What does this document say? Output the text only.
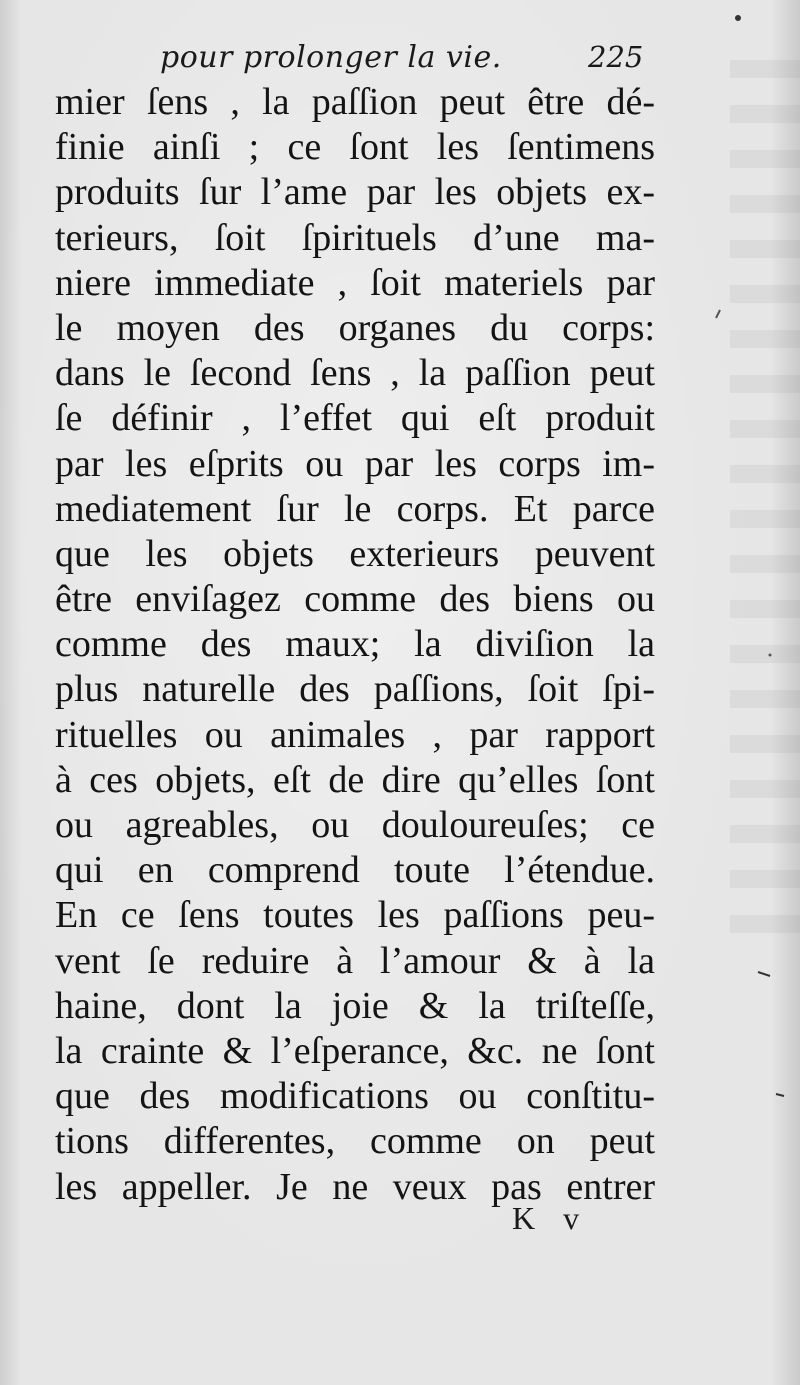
pour prolonger la vie.	225
mier ſens , la paſſion peut être dé-
finie ainſi ; ce ſont les ſentimens
produits ſur l’ame par les objets ex-
terieurs, ſoit ſpirituels d’une ma-
niere immediate , ſoit materiels par
le moyen des organes du corps:
dans le ſecond ſens , la paſſion peut
ſe définir , l’effet qui eſt produit
par les eſprits ou par les corps im-
mediatement ſur le corps. Et parce
que les objets exterieurs peuvent
être enviſagez comme des biens ou
comme des maux; la diviſion la
plus naturelle des paſſions, ſoit ſpi-
rituelles ou animales , par rapport
à ces objets, eſt de dire qu’elles ſont
ou agreables, ou douloureuſes; ce
qui en comprend toute l’étendue.
En ce ſens toutes les paſſions peu-
vent ſe reduire à l’amour & à la
haine, dont la joie & la triſteſſe,
la crainte & l’eſperance, &c. ne ſont
que des modifications ou conſtitu-
tions differentes, comme on peut
les appeller. Je ne veux pas entrer
K v
